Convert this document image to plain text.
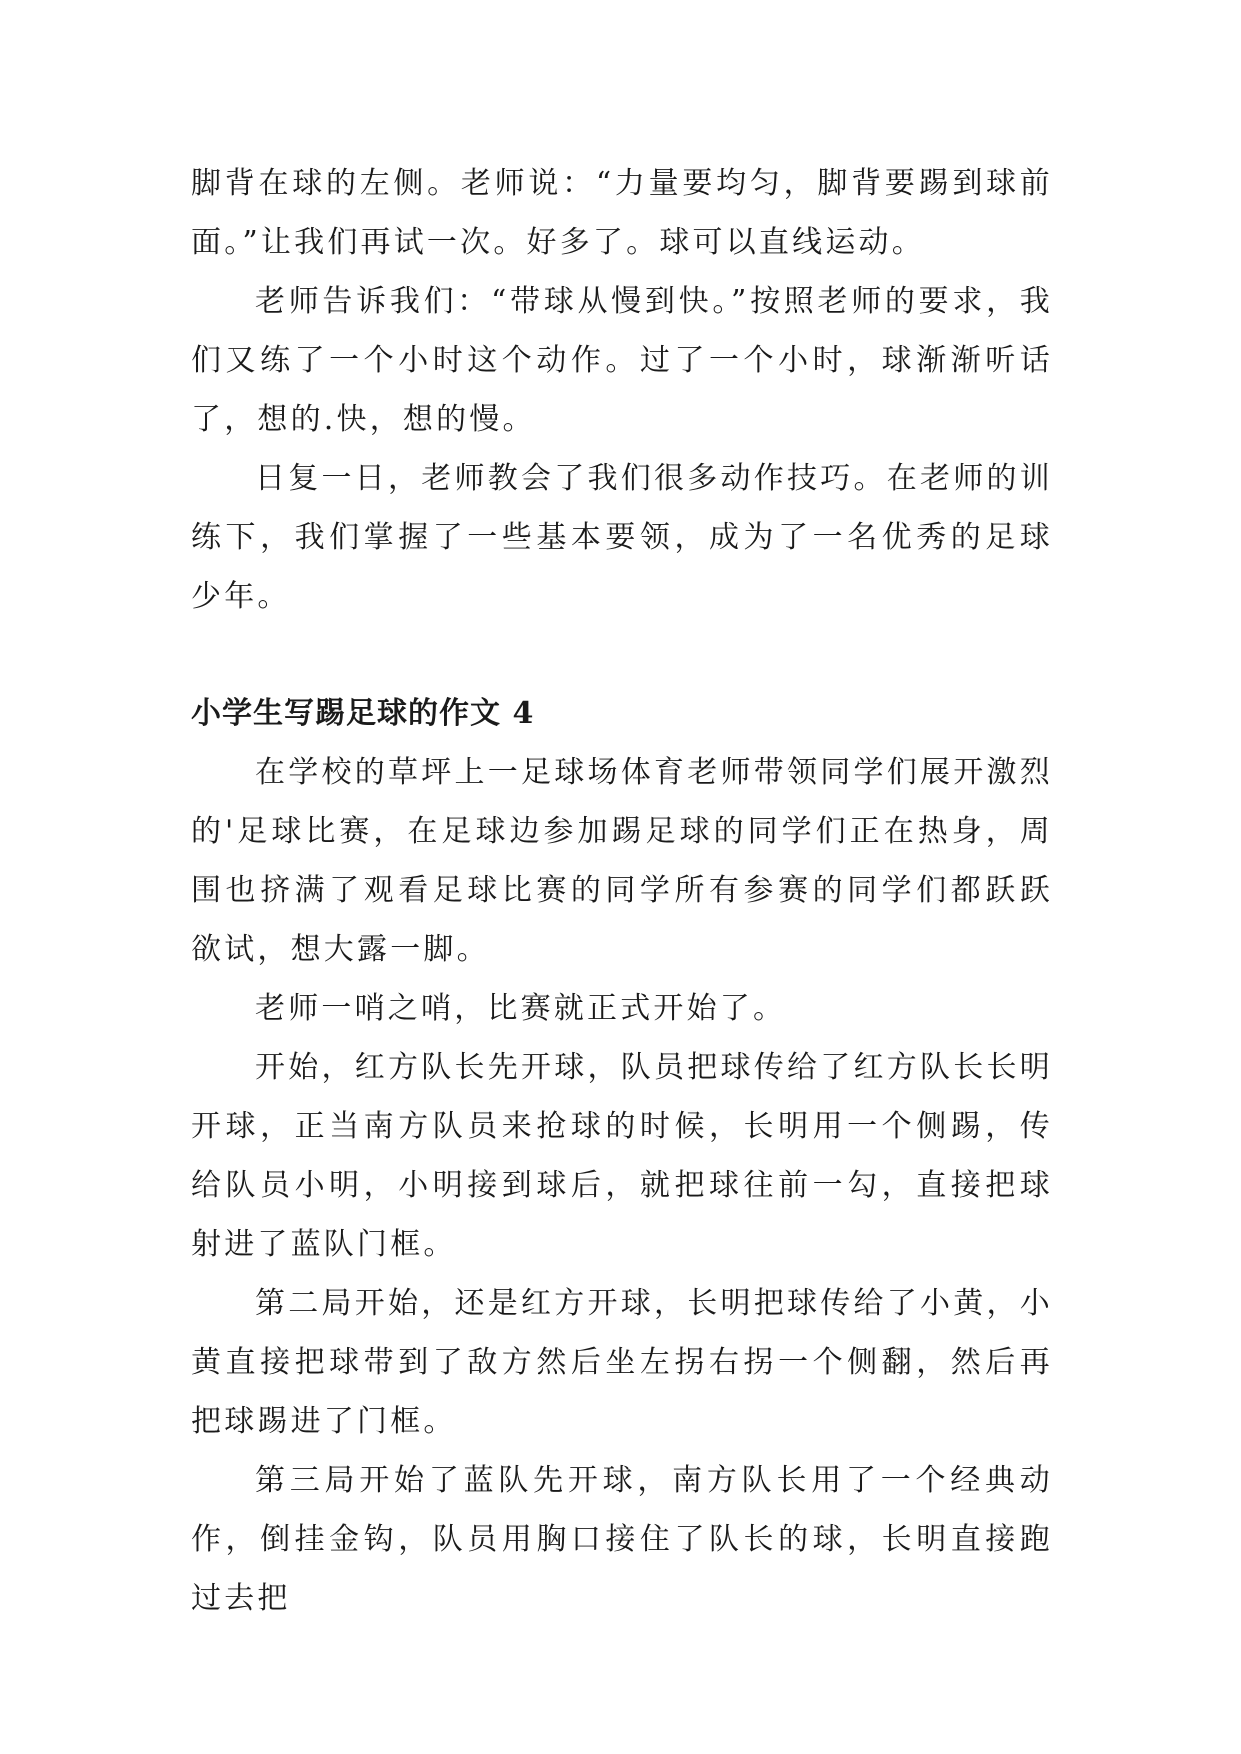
脚背在球的左侧。老师说：“力量要均匀，脚背要踢到球前面。”让我们再试一次。好多了。球可以直线运动。

老师告诉我们：“带球从慢到快。”按照老师的要求，我们又练了一个小时这个动作。过了一个小时，球渐渐听话了，想的.快，想的慢。

日复一日，老师教会了我们很多动作技巧。在老师的训练下，我们掌握了一些基本要领，成为了一名优秀的足球少年。

小学生写踢足球的作文 4

在学校的草坪上一足球场体育老师带领同学们展开激烈的'足球比赛，在足球边参加踢足球的同学们正在热身，周围也挤满了观看足球比赛的同学所有参赛的同学们都跃跃欲试，想大露一脚。

老师一哨之哨，比赛就正式开始了。

开始，红方队长先开球，队员把球传给了红方队长长明开球，正当南方队员来抢球的时候，长明用一个侧踢，传给队员小明，小明接到球后，就把球往前一勾，直接把球射进了蓝队门框。

第二局开始，还是红方开球，长明把球传给了小黄，小黄直接把球带到了敌方然后坐左拐右拐一个侧翻，然后再把球踢进了门框。

第三局开始了蓝队先开球，南方队长用了一个经典动作，倒挂金钩，队员用胸口接住了队长的球，长明直接跑过去把
